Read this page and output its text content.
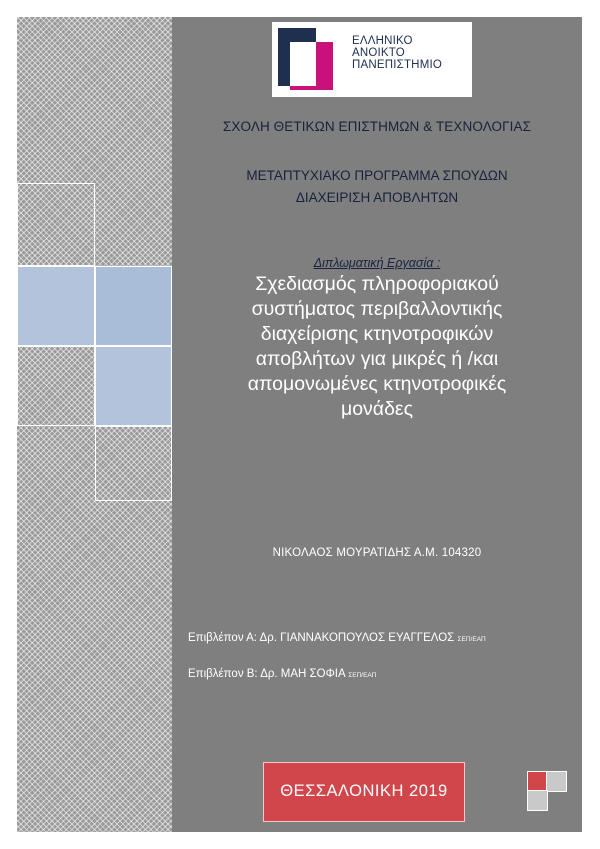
ΕΛΛΗΝΙΚΟ
ΑΝΟΙΚΤΟ
ΠΑΝΕΠΙΣΤΗΜΙΟ
ΣΧΟΛΗ ΘΕΤΙΚΩΝ ΕΠΙΣΤΗΜΩΝ & ΤΕΧΝΟΛΟΓΙΑΣ
ΜΕΤΑΠΤΥΧΙΑΚΟ ΠΡΟΓΡΑΜΜΑ ΣΠΟΥΔΩΝ
ΔΙΑΧΕΙΡΙΣΗ ΑΠΟΒΛΗΤΩΝ
Διπλωματική Εργασία :
Σχεδιασμός πληροφοριακού
συστήματος περιβαλλοντικής
διαχείρισης κτηνοτροφικών
αποβλήτων για μικρές ή /και
απομονωμένες κτηνοτροφικές
μονάδες
ΝΙΚΟΛΑΟΣ ΜΟΥΡΑΤΙΔΗΣ Α.Μ. 104320
Επιβλέπον Α: Δρ. ΓΙΑΝΝΑΚΟΠΟΥΛΟΣ ΕΥΑΓΓΕΛΟΣ ΣΕΠ/ΕΑΠ
Επιβλέπον Β: Δρ. ΜΑΗ ΣΟΦΙΑ ΣΕΠ/ΕΑΠ
ΘΕΣΣΑΛΟΝΙΚΗ 2019
